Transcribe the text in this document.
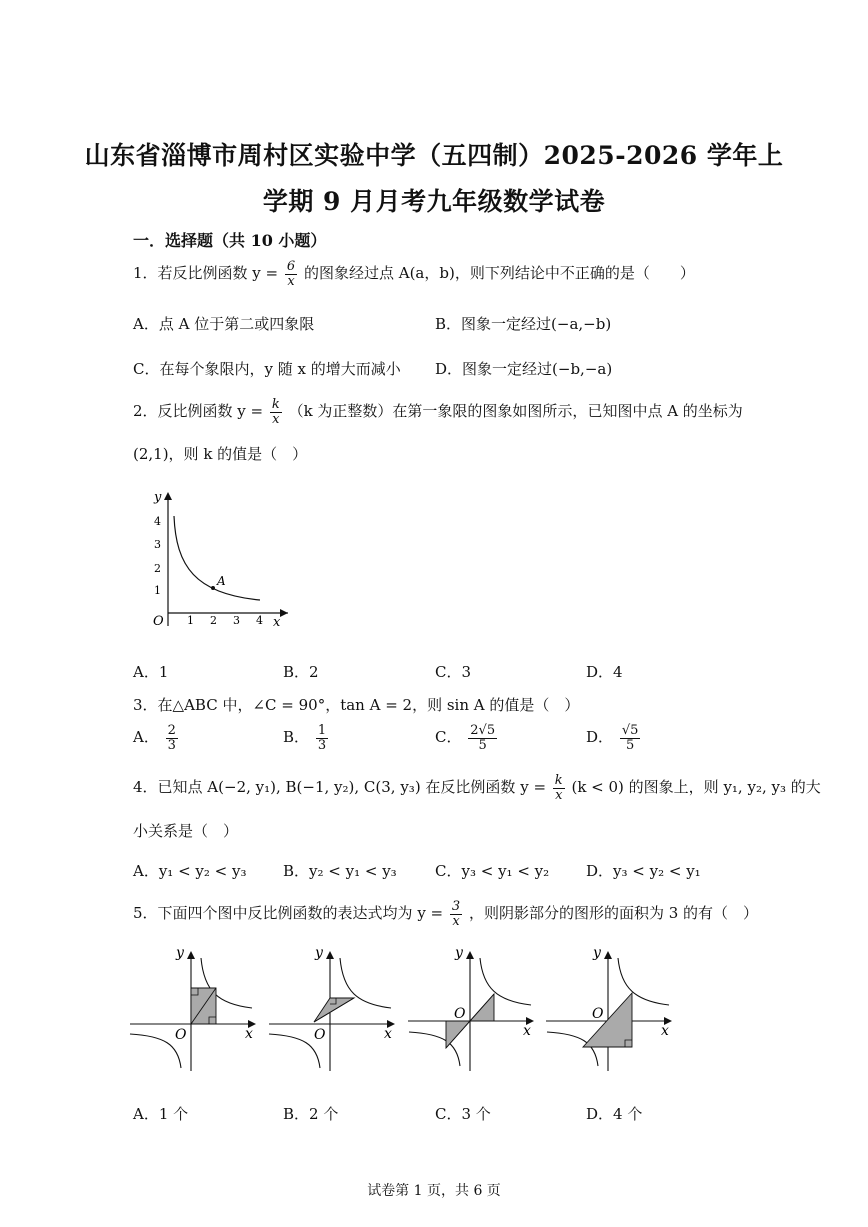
山东省淄博市周村区实验中学（五四制）2025-2026 学年上
学期 9 月月考九年级数学试卷
一．选择题（共 10 小题）
1．若反比例函数 $y = \frac{6}{x}$ 的图象经过点 A(a，b)，则下列结论中不正确的是（　　）
A．点 A 位于第二或四象限	B．图象一定经过(−a,−b)
C．在每个象限内，y 随 x 的增大而减小 D．图象一定经过(−b,−a)
2．反比例函数 $y = \frac{k}{x} (k$ 为正整数）在第一象限的图象如图所示，已知图中点 A 的坐标为
(2,1)，则 k 的值是（　）
y
x
O 1 2 3 4
1
2
3
4
A
A．1	B．2	C．3	D．4
3．在△ABC 中，∠C = 90°，tan A = 2，则 sin A 的值是（　）
A． $\frac{2}{3}$	B． $\frac{1}{3}$	C． $\frac{2√5}{5}$	D． $\frac{√5}{5}$
4．已知点 A(−2, y₁), B(−1, y₂), C(3, y₃) 在反比例函数 $y = \frac{k}{x} (k < 0)$ 的图象上，则 y₁, y₂, y₃ 的大
小关系是（　）
A．y₁ < y₂ < y₃ B．y₂ < y₁ < y₃	C．y₃ < y₁ < y₂ D．y₃ < y₂ < y₁
5．下面四个图中反比例函数的表达式均为 $y = \frac{3}{x}$ ，则阴影部分的图形的面积为 3 的有（　）
y
x
O
y
x
O
y
x
O
y
x
O
A．1 个	B．2 个	C．3 个	D．4 个
试卷第 1 页，共 6 页
